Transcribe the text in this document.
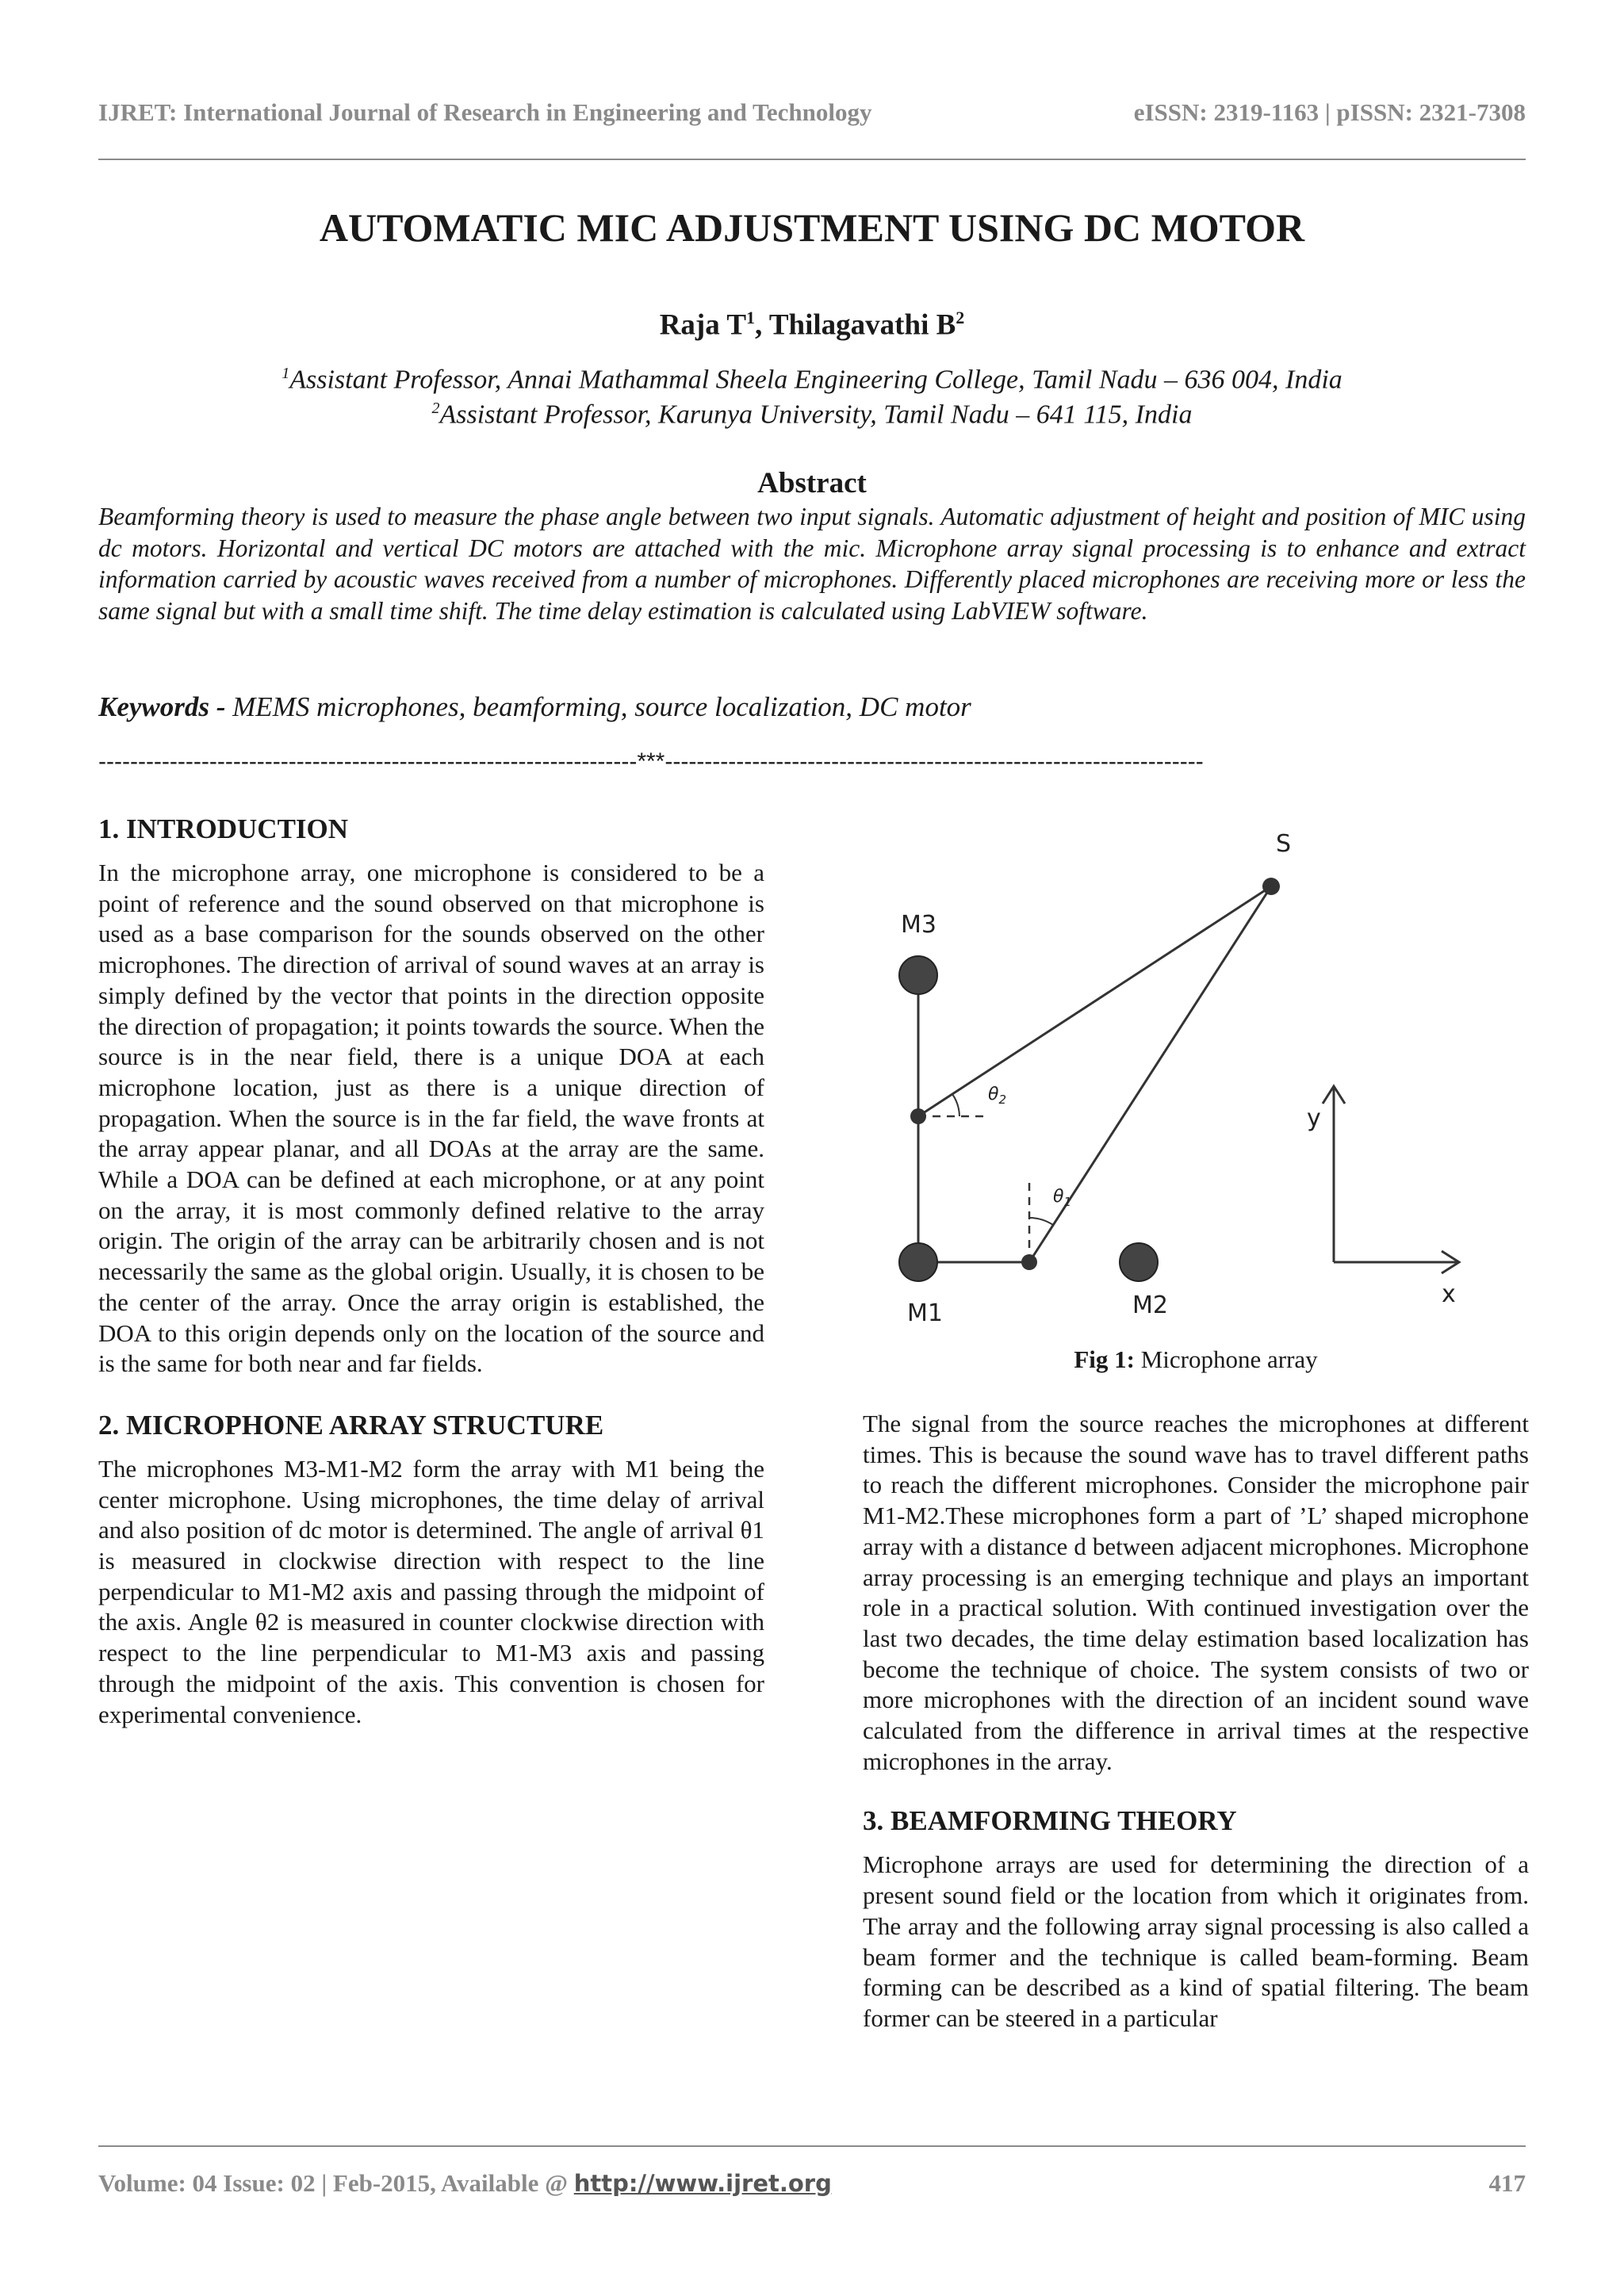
IJRET: International Journal of Research in Engineering and Technology	eISSN: 2319-1163 | pISSN: 2321-7308
AUTOMATIC MIC ADJUSTMENT USING DC MOTOR
Raja $T^1$, Thilagavathi $B^2$
$^1$Assistant Professor, Annai Mathammal Sheela Engineering College, Tamil Nadu – 636 004, India
$^2$Assistant Professor, Karunya University, Tamil Nadu – 641 115, India
Abstract
Beamforming theory is used to measure the phase angle between two input signals. Automatic adjustment of height and position of MIC using dc motors. Horizontal and vertical DC motors are attached with the mic. Microphone array signal processing is to enhance and extract information carried by acoustic waves received from a number of microphones. Differently placed microphones are receiving more or less the same signal but with a small time shift. The time delay estimation is calculated using LabVIEW software.
Keywords - MEMS microphones, beamforming, source localization, DC motor
--------------------------------------------------------------------***--------------------------------------------------------------------
1. INTRODUCTION

In the microphone array, one microphone is considered to be a point of reference and the sound observed on that microphone is used as a base comparison for the sounds observed on the other microphones. The direction of arrival of sound waves at an array is simply defined by the vector that points in the direction opposite the direction of propagation; it points towards the source. When the source is in the near field, there is a unique DOA at each microphone location, just as there is a unique direction of propagation. When the source is in the far field, the wave fronts at the array appear planar, and all DOAs at the array are the same. While a DOA can be defined at each microphone, or at any point on the array, it is most commonly defined relative to the array origin. The origin of the array can be arbitrarily chosen and is not necessarily the same as the global origin. Usually, it is chosen to be the center of the array. Once the array origin is established, the DOA to this origin depends only on the location of the source and is the same for both near and far fields.

2. MICROPHONE ARRAY STRUCTURE

The microphones M3-M1-M2 form the array with M1 being the center microphone. Using microphones, the time delay of arrival and also position of dc motor is determined. The angle of arrival θ1 is measured in clockwise direction with respect to the line perpendicular to M1-M2 axis and passing through the midpoint of the axis. Angle θ2 is measured in counter clockwise direction with respect to the line perpendicular to M1-M3 axis and passing through the midpoint of the axis. This convention is chosen for experimental convenience.

S
M3
M1	M2
$\theta_2$
$\theta_1$
y
x
Fig 1: Microphone array

The signal from the source reaches the microphones at different times. This is because the sound wave has to travel different paths to reach the different microphones. Consider the microphone pair M1-M2.These microphones form a part of ’L’ shaped microphone array with a distance d between adjacent microphones. Microphone array processing is an emerging technique and plays an important role in a practical solution. With continued investigation over the last two decades, the time delay estimation based localization has become the technique of choice. The system consists of two or more microphones with the direction of an incident sound wave calculated from the difference in arrival times at the respective microphones in the array.

3. BEAMFORMING THEORY

Microphone arrays are used for determining the direction of a present sound field or the location from which it originates from. The array and the following array signal processing is also called a beam former and the technique is called beam-forming. Beam forming can be described as a kind of spatial filtering. The beam former can be steered in a particular

Volume: 04 Issue: 02 | Feb-2015, Available @ http://www.ijret.org	417
